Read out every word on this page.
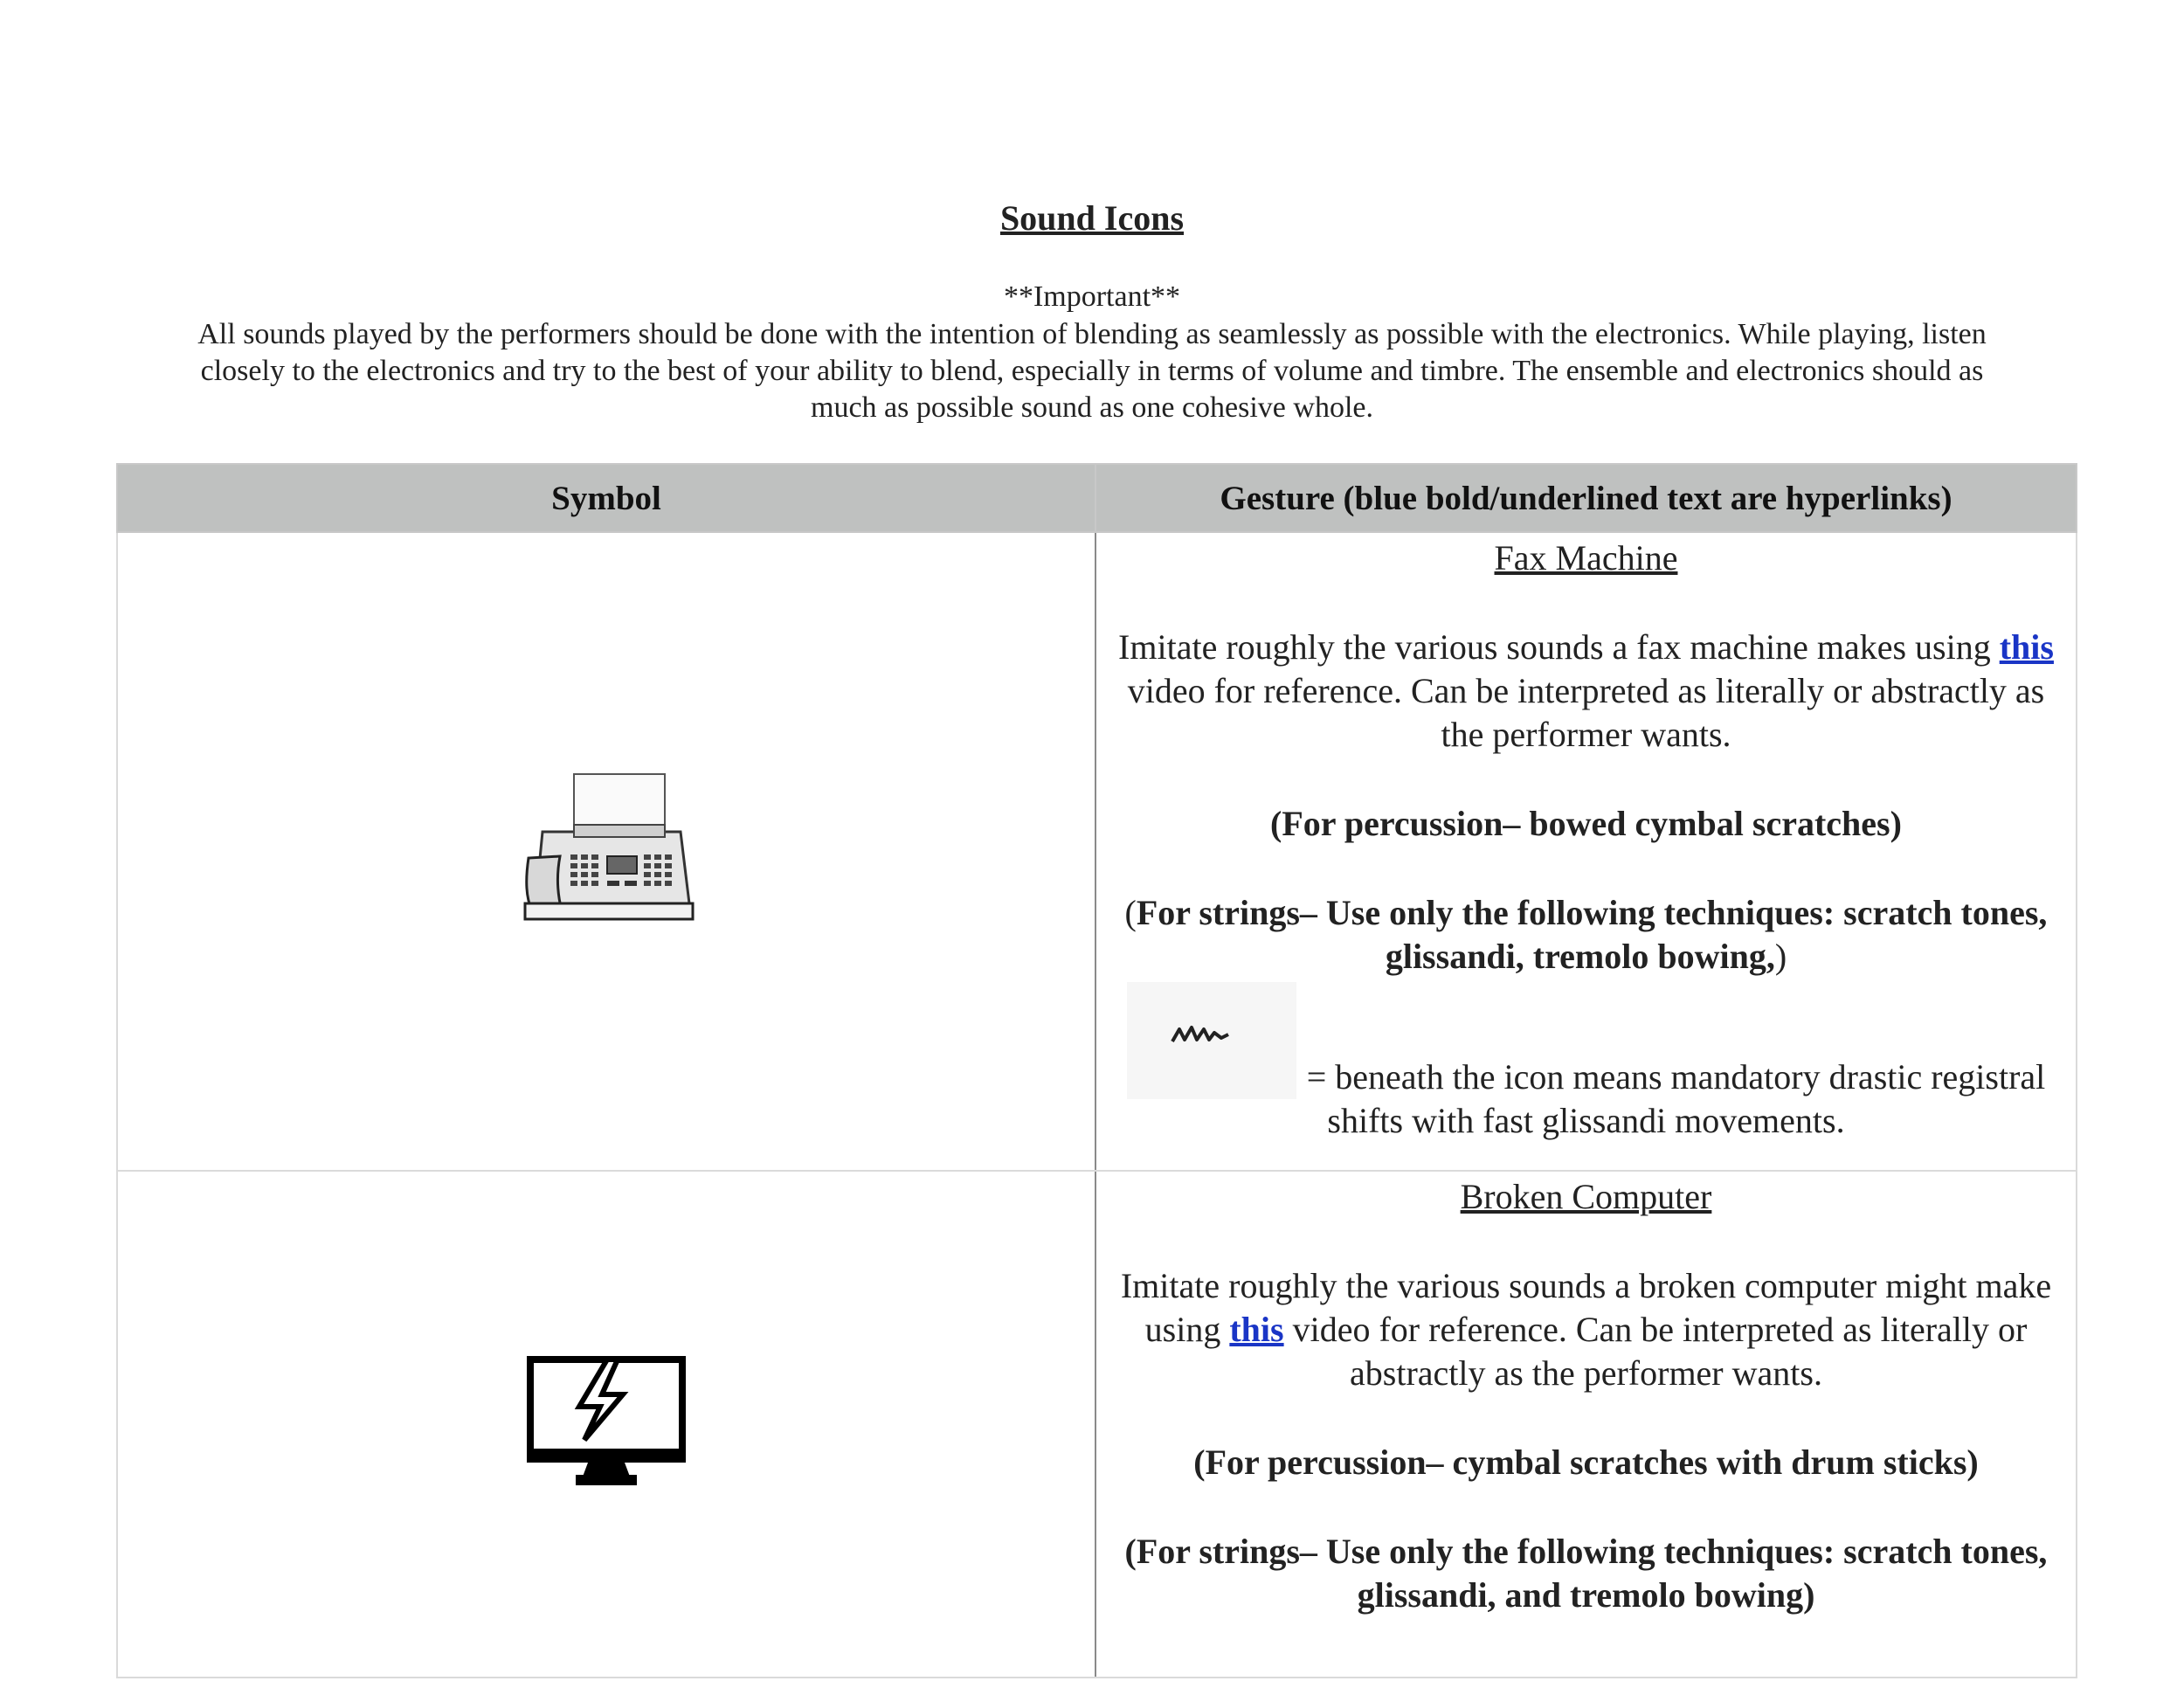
Sound Icons

**Important**

All sounds played by the performers should be done with the intention of blending as seamlessly as possible with the electronics. While playing, listen closely to the electronics and try to the best of your ability to blend, especially in terms of volume and timbre. The ensemble and electronics should as much as possible sound as one cohesive whole.

Symbol	Gesture (blue bold/underlined text are hyperlinks)

Fax Machine

Imitate roughly the various sounds a fax machine makes using this video for reference. Can be interpreted as literally or abstractly as the performer wants.

(For percussion– bowed cymbal scratches)

(For strings– Use only the following techniques: scratch tones, glissandi, tremolo bowing,)

= beneath the icon means mandatory drastic registral shifts with fast glissandi movements.

Broken Computer

Imitate roughly the various sounds a broken computer might make using this video for reference. Can be interpreted as literally or abstractly as the performer wants.

(For percussion– cymbal scratches with drum sticks)

(For strings– Use only the following techniques: scratch tones, glissandi, and tremolo bowing)
